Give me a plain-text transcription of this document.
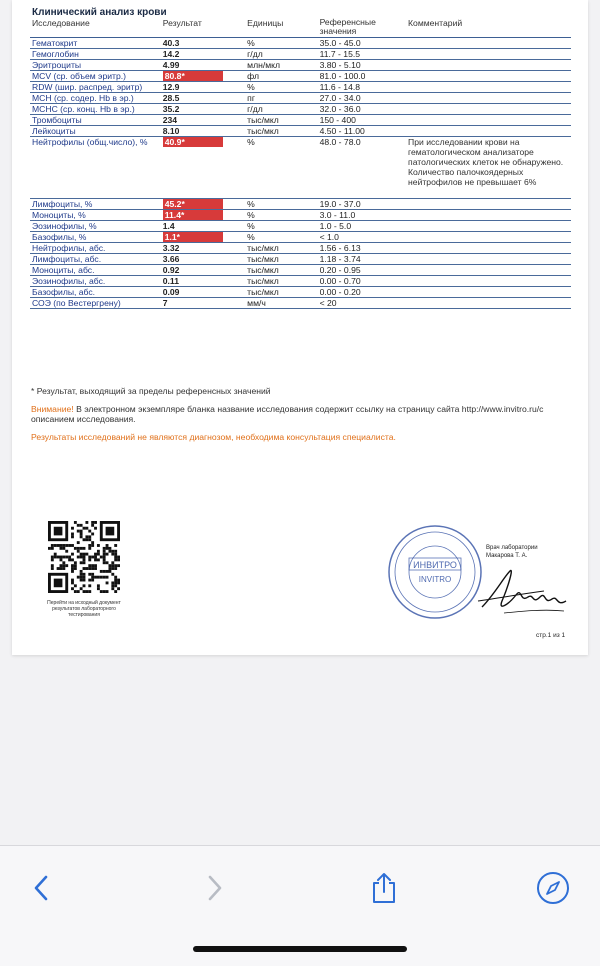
Клинический анализ крови
Исследование	Результат	Единицы	Референсные значения	Комментарий
Гематокрит	40.3	%	35.0 - 45.0	
Гемоглобин	14.2	г/дл	11.7 - 15.5	
Эритроциты	4.99	млн/мкл	3.80 - 5.10	
MCV (ср. объем эритр.)	80.8*	фл	81.0 - 100.0	
RDW (шир. распред. эритр)	12.9	%	11.6 - 14.8	
MCH (ср. содер. Hb в эр.)	28.5	пг	27.0 - 34.0	
MCHC (ср. конц. Hb в эр.)	35.2	г/дл	32.0 - 36.0	
Тромбоциты	234	тыс/мкл	150 - 400	
Лейкоциты	8.10	тыс/мкл	4.50 - 11.00	
Нейтрофилы (общ.число), %	40.9*	%	48.0 - 78.0	При исследовании крови на гематологическом анализаторе патологических клеток не обнаружено. Количество палочкоядерных нейтрофилов не превышает 6%
Лимфоциты, %	45.2*	%	19.0 - 37.0	
Моноциты, %	11.4*	%	3.0 - 11.0	
Эозинофилы, %	1.4	%	1.0 - 5.0	
Базофилы, %	1.1*	%	< 1.0	
Нейтрофилы, абс.	3.32	тыс/мкл	1.56 - 6.13	
Лимфоциты, абс.	3.66	тыс/мкл	1.18 - 3.74	
Моноциты, абс.	0.92	тыс/мкл	0.20 - 0.95	
Эозинофилы, абс.	0.11	тыс/мкл	0.00 - 0.70	
Базофилы, абс.	0.09	тыс/мкл	0.00 - 0.20	
СОЭ (по Вестергрену)	7	мм/ч	< 20	
* Результат, выходящий за пределы референсных значений
Внимание! В электронном экземпляре бланка название исследования содержит ссылку на страницу сайта http://www.invitro.ru/с описанием исследования.
Результаты исследований не являются диагнозом, необходима консультация специалиста.
Перейти на исходный документ результатов лабораторного тестирования
ИНВИТРО
INVITRO
Врач лаборатории
Макарова Т. А.
стр.1 из 1
